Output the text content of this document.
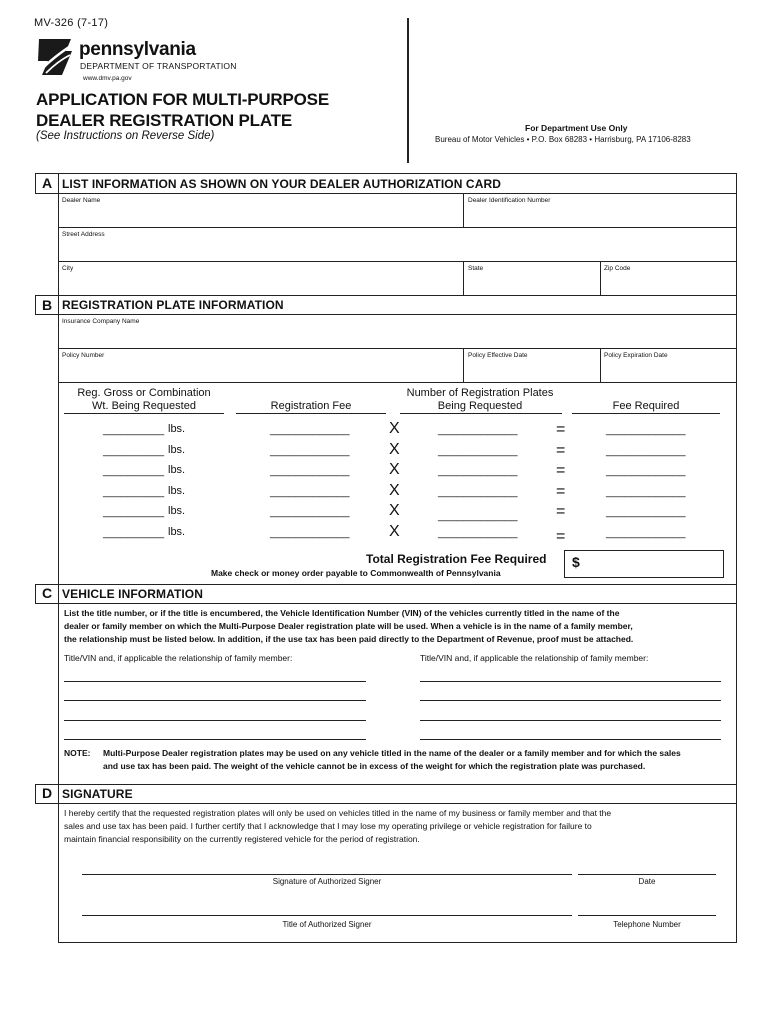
MV-326 (7-17)
pennsylvania
DEPARTMENT OF TRANSPORTATION
www.dmv.pa.gov
APPLICATION FOR MULTI-PURPOSE
DEALER REGISTRATION PLATE
(See Instructions on Reverse Side)
For Department Use Only
Bureau of Motor Vehicles • P.O. Box 68283 • Harrisburg, PA 17106-8283
A LIST INFORMATION AS SHOWN ON YOUR DEALER AUTHORIZATION CARD
Dealer Name	Dealer Identification Number
Street Address
City	State	Zip Code
B REGISTRATION PLATE INFORMATION
Insurance Company Name
Policy Number	Policy Effective Date	Policy Expiration Date
Reg. Gross or Combination
Wt. Being Requested	Registration Fee
Number of Registration Plates
Being Requested	Fee Required
__________ lbs.	_____________ X	_____________ =	_____________
__________ lbs.	_____________ X	_____________ =	_____________
__________ lbs.	_____________ X	_____________ =	_____________
__________ lbs.	_____________ X	_____________ =	_____________
__________ lbs.	_____________ X	_____________ =	_____________
__________ lbs.	_____________ X	_____________ =	_____________
Total Registration Fee Required $
Make check or money order payable to Commonwealth of Pennsylvania
C VEHICLE INFORMATION
List the title number, or if the title is encumbered, the Vehicle Identification Number (VIN) of the vehicles currently titled in the name of the
dealer or family member on which the Multi-Purpose Dealer registration plate will be used. When a vehicle is in the name of a family member,
the relationship must be listed below. In addition, if the use tax has been paid directly to the Department of Revenue, proof must be attached.
Title/VIN and, if applicable the relationship of family member:	Title/VIN and, if applicable the relationship of family member:
NOTE: Multi-Purpose Dealer registration plates may be used on any vehicle titled in the name of the dealer or a family member and for which the sales
and use tax has been paid. The weight of the vehicle cannot be in excess of the weight for which the registration plate was purchased.
D SIGNATURE
I hereby certify that the requested registration plates will only be used on vehicles titled in the name of my business or family member and that the
sales and use tax has been paid. I further certify that I acknowledge that I may lose my operating privilege or vehicle registration for failure to
maintain financial responsibility on the currently registered vehicle for the period of registration.
Signature of Authorized Signer	Date
Title of Authorized Signer	Telephone Number
